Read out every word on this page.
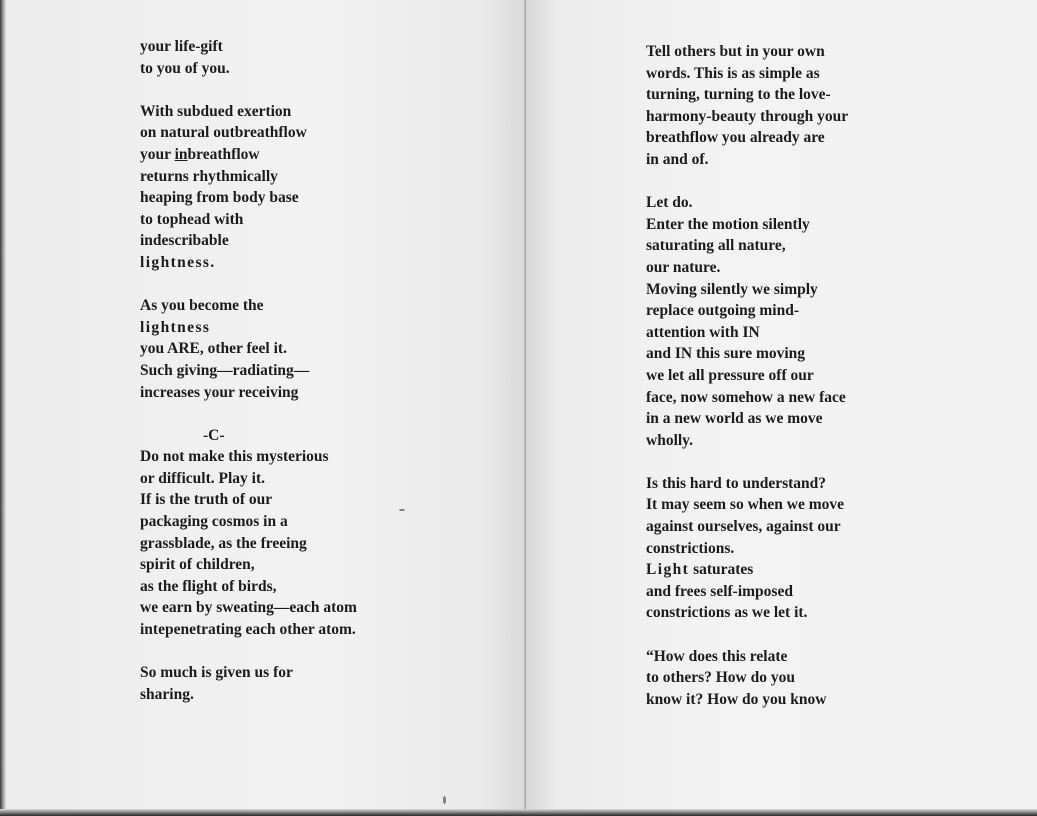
your life-gift
to you of you.
With subdued exertion
on natural outbreathflow
your inbreathflow
returns rhythmically
heaping from body base
to tophead with
indescribable
lightness.
As you become the
lightness
you ARE, other feel it.
Such giving—radiating—
increases your receiving
-C-
Do not make this mysterious
or difficult. Play it.
If is the truth of our
packaging cosmos in a
grassblade, as the freeing
spirit of children,
as the flight of birds,
we earn by sweating—each atom
intepenetrating each other atom.
So much is given us for
sharing.
Tell others but in your own
words. This is as simple as
turning, turning to the love-
harmony-beauty through your
breathflow you already are
in and of.
Let do.
Enter the motion silently
saturating all nature,
our nature.
Moving silently we simply
replace outgoing mind-
attention with IN
and IN this sure moving
we let all pressure off our
face, now somehow a new face
in a new world as we move
wholly.
Is this hard to understand?
It may seem so when we move
against ourselves, against our
constrictions.
Light saturates
and frees self-imposed
constrictions as we let it.
“How does this relate
to others? How do you
know it? How do you know
